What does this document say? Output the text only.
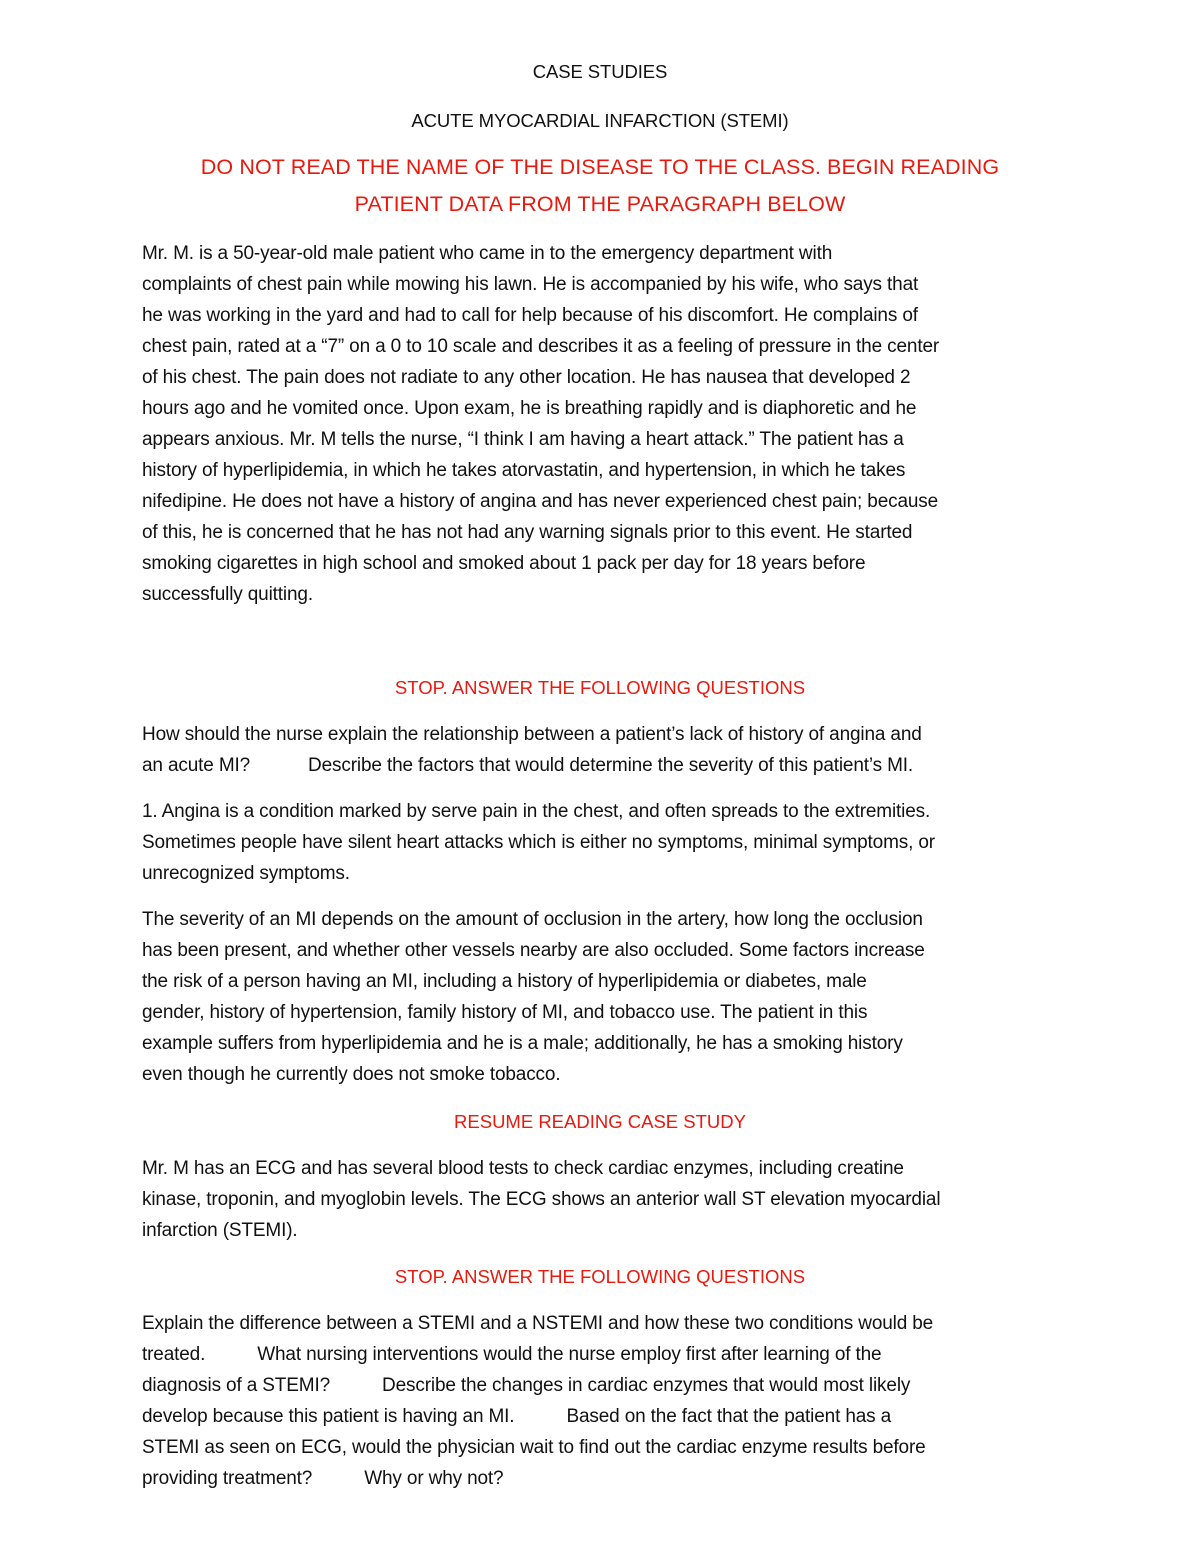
CASE STUDIES
ACUTE MYOCARDIAL INFARCTION (STEMI)
DO NOT READ THE NAME OF THE DISEASE TO THE CLASS. BEGIN READING
PATIENT DATA FROM THE PARAGRAPH BELOW
Mr. M. is a 50-year-old male patient who came in to the emergency department with
complaints of chest pain while mowing his lawn. He is accompanied by his wife, who says that
he was working in the yard and had to call for help because of his discomfort. He complains of
chest pain, rated at a “7” on a 0 to 10 scale and describes it as a feeling of pressure in the center
of his chest. The pain does not radiate to any other location. He has nausea that developed 2
hours ago and he vomited once. Upon exam, he is breathing rapidly and is diaphoretic and he
appears anxious. Mr. M tells the nurse, “I think I am having a heart attack.” The patient has a
history of hyperlipidemia, in which he takes atorvastatin, and hypertension, in which he takes
nifedipine. He does not have a history of angina and has never experienced chest pain; because
of this, he is concerned that he has not had any warning signals prior to this event. He started
smoking cigarettes in high school and smoked about 1 pack per day for 18 years before
successfully quitting.
STOP. ANSWER THE FOLLOWING QUESTIONS
How should the nurse explain the relationship between a patient’s lack of history of angina and
an acute MI?	Describe the factors that would determine the severity of this patient’s MI.
1. Angina is a condition marked by serve pain in the chest, and often spreads to the extremities.
Sometimes people have silent heart attacks which is either no symptoms, minimal symptoms, or
unrecognized symptoms.
The severity of an MI depends on the amount of occlusion in the artery, how long the occlusion
has been present, and whether other vessels nearby are also occluded. Some factors increase
the risk of a person having an MI, including a history of hyperlipidemia or diabetes, male
gender, history of hypertension, family history of MI, and tobacco use. The patient in this
example suffers from hyperlipidemia and he is a male; additionally, he has a smoking history
even though he currently does not smoke tobacco.
RESUME READING CASE STUDY
Mr. M has an ECG and has several blood tests to check cardiac enzymes, including creatine
kinase, troponin, and myoglobin levels. The ECG shows an anterior wall ST elevation myocardial
infarction (STEMI).
STOP. ANSWER THE FOLLOWING QUESTIONS
Explain the difference between a STEMI and a NSTEMI and how these two conditions would be
treated.	What nursing interventions would the nurse employ first after learning of the
diagnosis of a STEMI?	Describe the changes in cardiac enzymes that would most likely
develop because this patient is having an MI.	Based on the fact that the patient has a
STEMI as seen on ECG, would the physician wait to find out the cardiac enzyme results before
providing treatment?	Why or why not?
